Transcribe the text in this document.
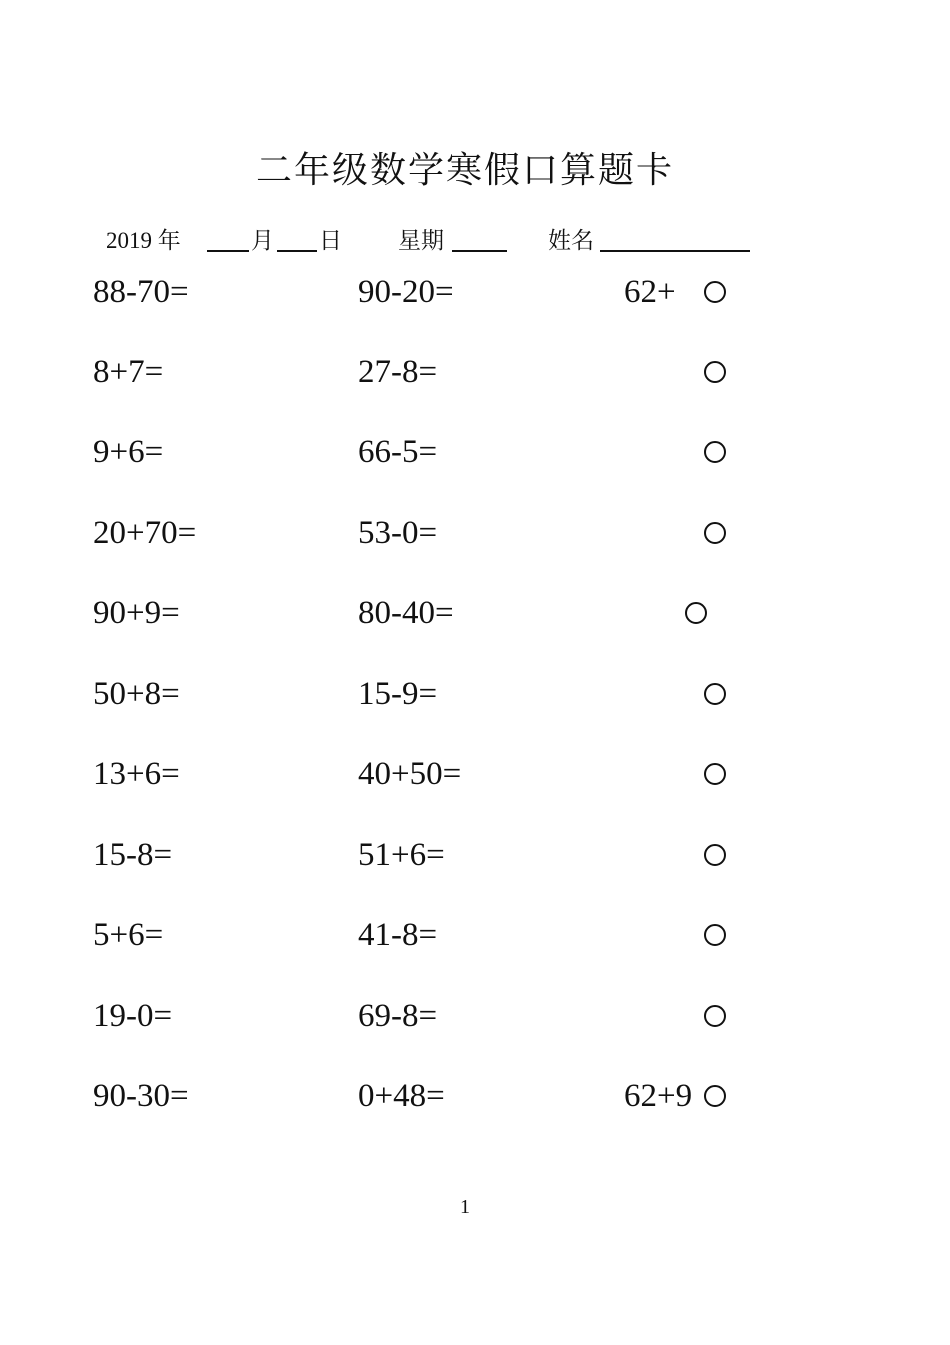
二年级数学寒假口算题卡
2019 年	月 日 星期	姓名
88-70=	90-20=	62+
8+7=	27-8=
9+6=	66-5=
20+70=	53-0=
90+9=	80-40=
50+8=	15-9=
13+6=	40+50=
15-8=	51+6=
5+6=	41-8=
19-0=	69-8=
90-30=	0+48=	62+9
1
